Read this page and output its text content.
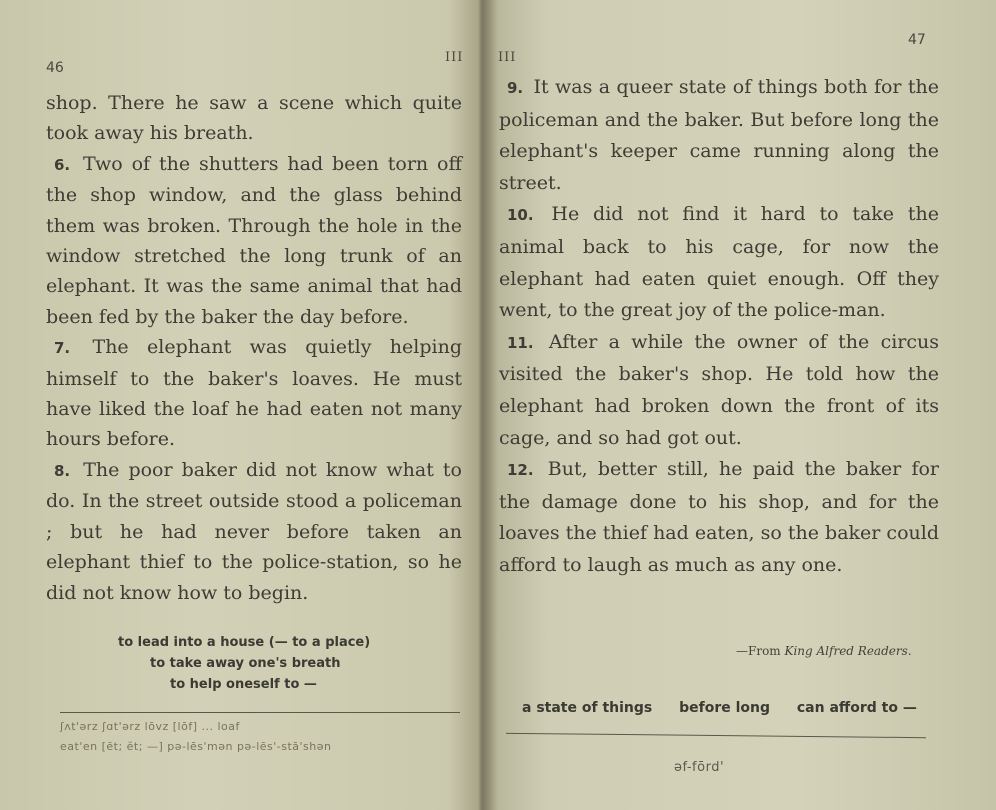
46
III

shop. There he saw a scene which quite took away his breath.

6. Two of the shutters had been torn off the shop window, and the glass behind them was broken. Through the hole in the window stretched the long trunk of an elephant. It was the same animal that had been fed by the baker the day before.

7. The elephant was quietly helping himself to the baker's loaves. He must have liked the loaf he had eaten not many hours before.

8. The poor baker did not know what to do. In the street outside stood a policeman ; but he had never before taken an elephant thief to the police-station, so he did not know how to begin.

to lead into a house (— to a place)
to take away one's breath
to help oneself to —
ʃʌt'ərz ʃɑt'ərz lōvz [lōf] ... loaf
eat'en [ēt; ĕt; —] pə-lēs'mən pə-lēs'-stā'shən
47
III

9. It was a queer state of things both for the policeman and the baker. But before long the elephant's keeper came running along the street.

10. He did not find it hard to take the animal back to his cage, for now the elephant had eaten quiet enough. Off they went, to the great joy of the police-man.

11. After a while the owner of the circus visited the baker's shop. He told how the elephant had broken down the front of its cage, and so had got out.

12. But, better still, he paid the baker for the damage done to his shop, and for the loaves the thief had eaten, so the baker could afford to laugh as much as any one.

—From King Alfred Readers.
a state of things before long can afford to —
əf-fōrd'
